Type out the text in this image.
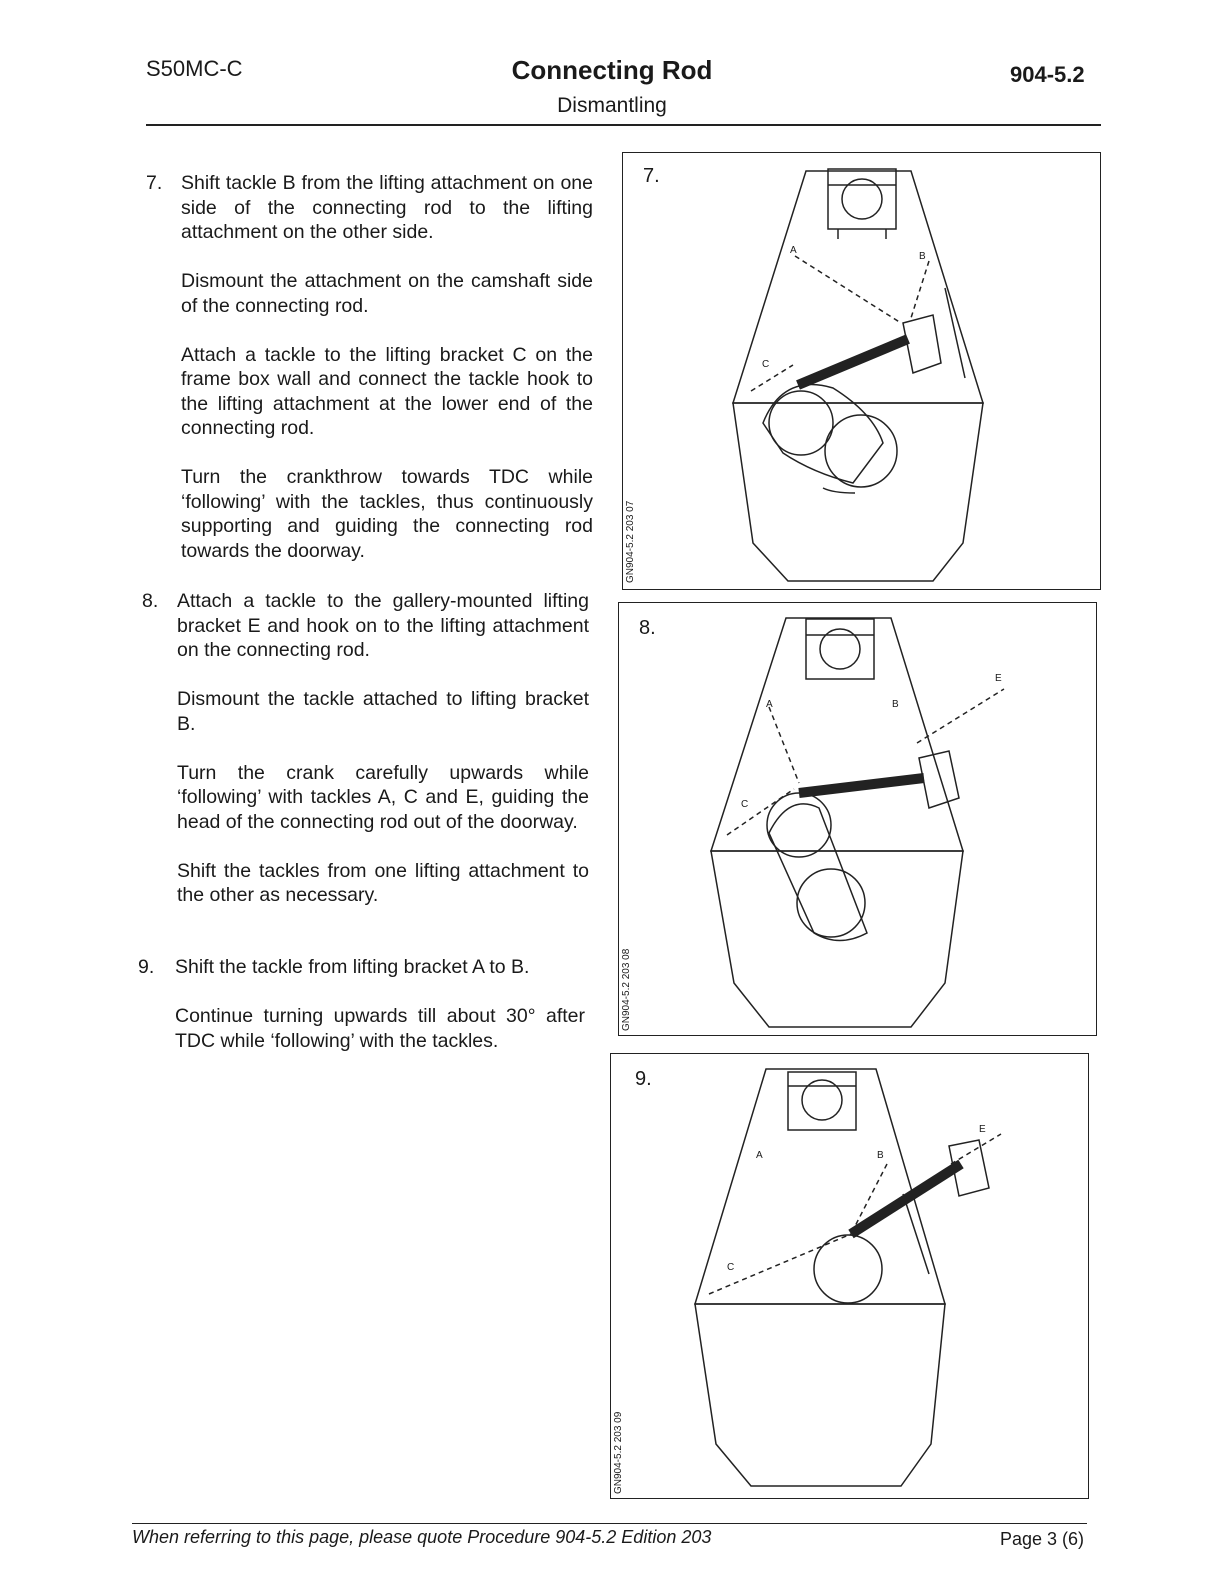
S50MC-C	Connecting Rod
Dismantling
904-5.2
7. Shift tackle B from the lifting attachment on one side of the connecting rod to the lifting attachment on the other side.

Dismount the attachment on the camshaft side of the connecting rod.

Attach a tackle to the lifting bracket C on the frame box wall and connect the tackle hook to the lifting attachment at the lower end of the connecting rod.

Turn the crankthrow towards TDC while ‘following’ with the tackles, thus continuously supporting and guiding the connecting rod towards the doorway.

8. Attach a tackle to the gallery-mounted lifting bracket E and hook on to the lifting attachment on the connecting rod.

Dismount the tackle attached to lifting bracket B.

Turn the crank carefully upwards while ‘following’ with tackles A, C and E, guiding the head of the connecting rod out of the doorway.

Shift the tackles from one lifting attachment to the other as necessary.

9. Shift the tackle from lifting bracket A to B.

Continue turning upwards till about 30° after TDC while ‘following’ with the tackles.

7.
A
B
C
GN904-5.2 203 07
8.
A	B
C
E
GN904-5.2 203 08
9.
A	B
C
E
GN904-5.2 203 09
When referring to this page, please quote Procedure 904-5.2 Edition 203	Page 3 (6)
